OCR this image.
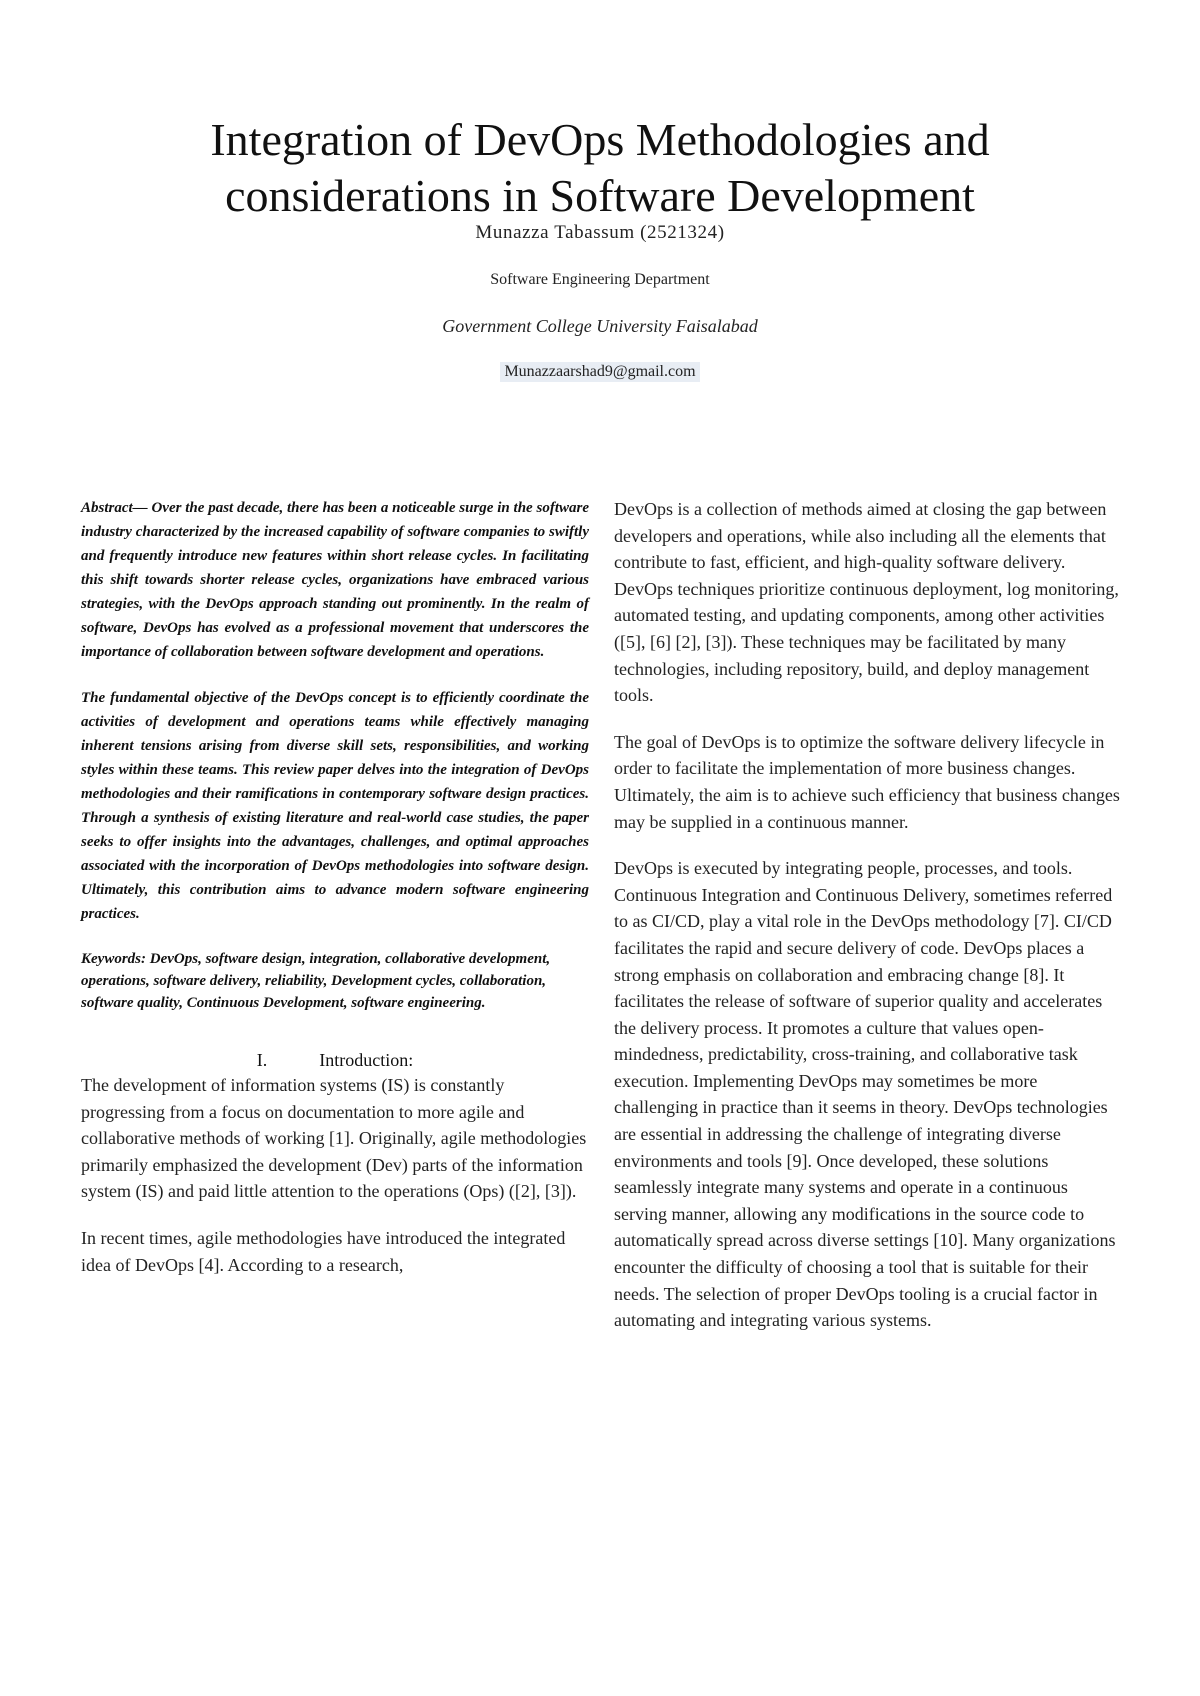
Integration of DevOps Methodologies and
considerations in Software Development
Munazza Tabassum (2521324)
Software Engineering Department
Government College University Faisalabad
Munazzaarshad9@gmail.com

Abstract— Over the past decade, there has been a noticeable surge in the software industry characterized by the increased capability of software companies to swiftly and frequently introduce new features within short release cycles. In facilitating this shift towards shorter release cycles, organizations have embraced various strategies, with the DevOps approach standing out prominently. In the realm of software, DevOps has evolved as a professional movement that underscores the importance of collaboration between software development and operations.

The fundamental objective of the DevOps concept is to efficiently coordinate the activities of development and operations teams while effectively managing inherent tensions arising from diverse skill sets, responsibilities, and working styles within these teams. This review paper delves into the integration of DevOps methodologies and their ramifications in contemporary software design practices. Through a synthesis of existing literature and real-world case studies, the paper seeks to offer insights into the advantages, challenges, and optimal approaches associated with the incorporation of DevOps methodologies into software design. Ultimately, this contribution aims to advance modern software engineering practices.

Keywords: DevOps, software design, integration, collaborative development, operations, software delivery, reliability, Development cycles, collaboration, software quality, Continuous Development, software engineering.
I.	Introduction:

The development of information systems (IS) is constantly progressing from a focus on documentation to more agile and collaborative methods of working [1]. Originally, agile methodologies primarily emphasized the development (Dev) parts of the information system (IS) and paid little attention to the operations (Ops) ([2], [3]).

In recent times, agile methodologies have introduced the integrated idea of DevOps [4]. According to a research,

DevOps is a collection of methods aimed at closing the gap between developers and operations, while also including all the elements that contribute to fast, efficient, and high-quality software delivery. DevOps techniques prioritize continuous deployment, log monitoring, automated testing, and updating components, among other activities ([5], [6] [2], [3]). These techniques may be facilitated by many technologies, including repository, build, and deploy management tools.

The goal of DevOps is to optimize the software delivery lifecycle in order to facilitate the implementation of more business changes. Ultimately, the aim is to achieve such efficiency that business changes may be supplied in a continuous manner.

DevOps is executed by integrating people, processes, and tools. Continuous Integration and Continuous Delivery, sometimes referred to as CI/CD, play a vital role in the DevOps methodology [7]. CI/CD facilitates the rapid and secure delivery of code. DevOps places a strong emphasis on collaboration and embracing change [8]. It facilitates the release of software of superior quality and accelerates the delivery process. It promotes a culture that values open-mindedness, predictability, cross-training, and collaborative task execution. Implementing DevOps may sometimes be more challenging in practice than it seems in theory. DevOps technologies are essential in addressing the challenge of integrating diverse environments and tools [9]. Once developed, these solutions seamlessly integrate many systems and operate in a continuous serving manner, allowing any modifications in the source code to automatically spread across diverse settings [10]. Many organizations encounter the difficulty of choosing a tool that is suitable for their needs. The selection of proper DevOps tooling is a crucial factor in automating and integrating various systems.
